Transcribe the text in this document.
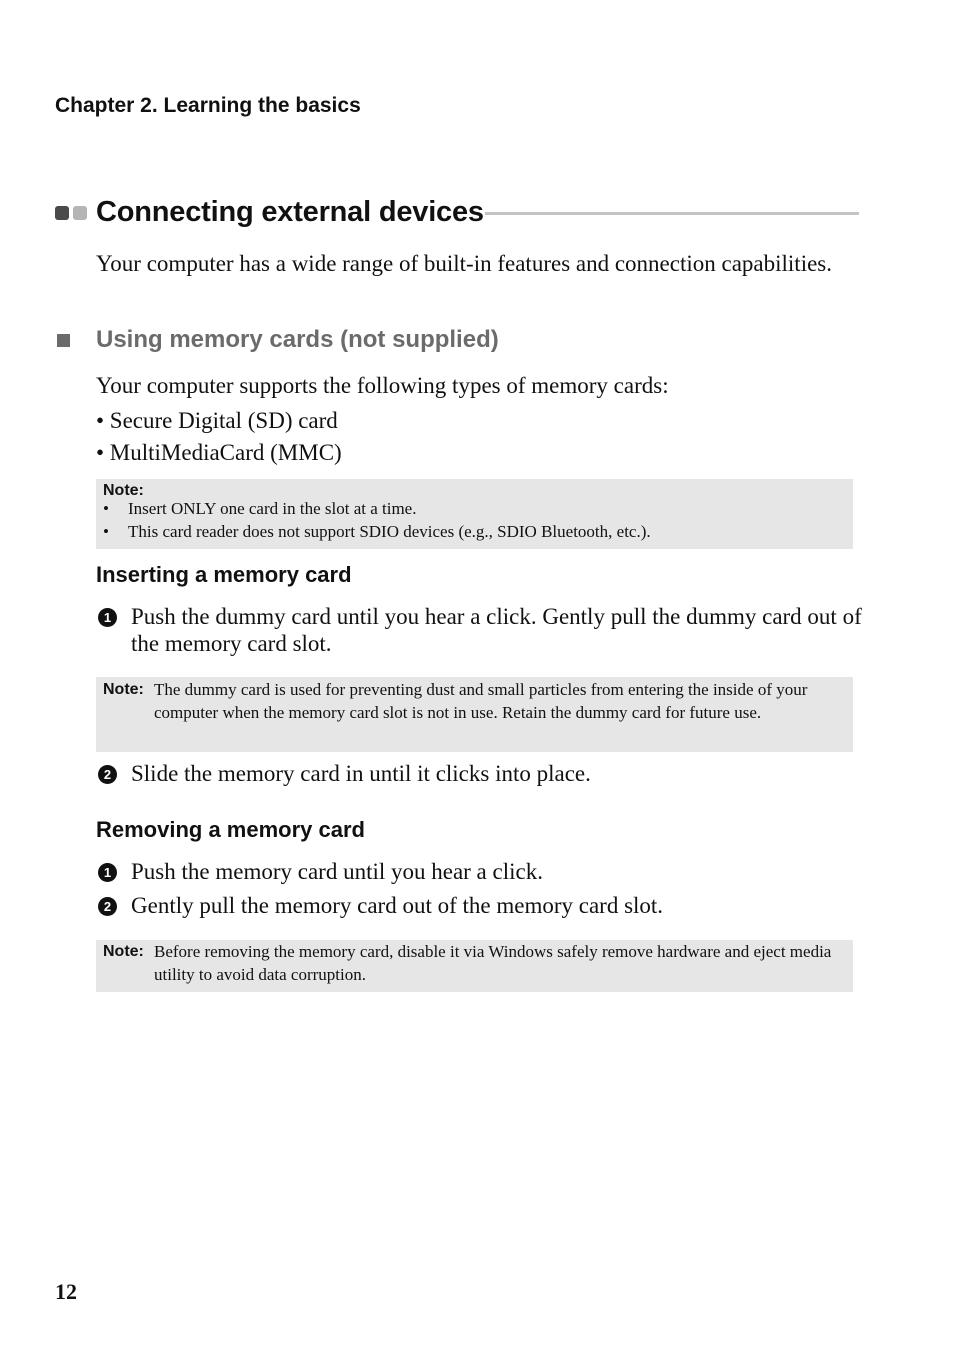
Chapter 2. Learning the basics
Connecting external devices
Your computer has a wide range of built-in features and connection capabilities.
Using memory cards (not supplied)
Your computer supports the following types of memory cards:
• Secure Digital (SD) card
• MultiMediaCard (MMC)
Note:
• Insert ONLY one card in the slot at a time.
• This card reader does not support SDIO devices (e.g., SDIO Bluetooth, etc.).
Inserting a memory card
1 Push the dummy card until you hear a click. Gently pull the dummy card out of the memory card slot.
Note: The dummy card is used for preventing dust and small particles from entering the inside of your computer when the memory card slot is not in use. Retain the dummy card for future use.
2 Slide the memory card in until it clicks into place.
Removing a memory card
1 Push the memory card until you hear a click.
2 Gently pull the memory card out of the memory card slot.
Note: Before removing the memory card, disable it via Windows safely remove hardware and eject media utility to avoid data corruption.
12
